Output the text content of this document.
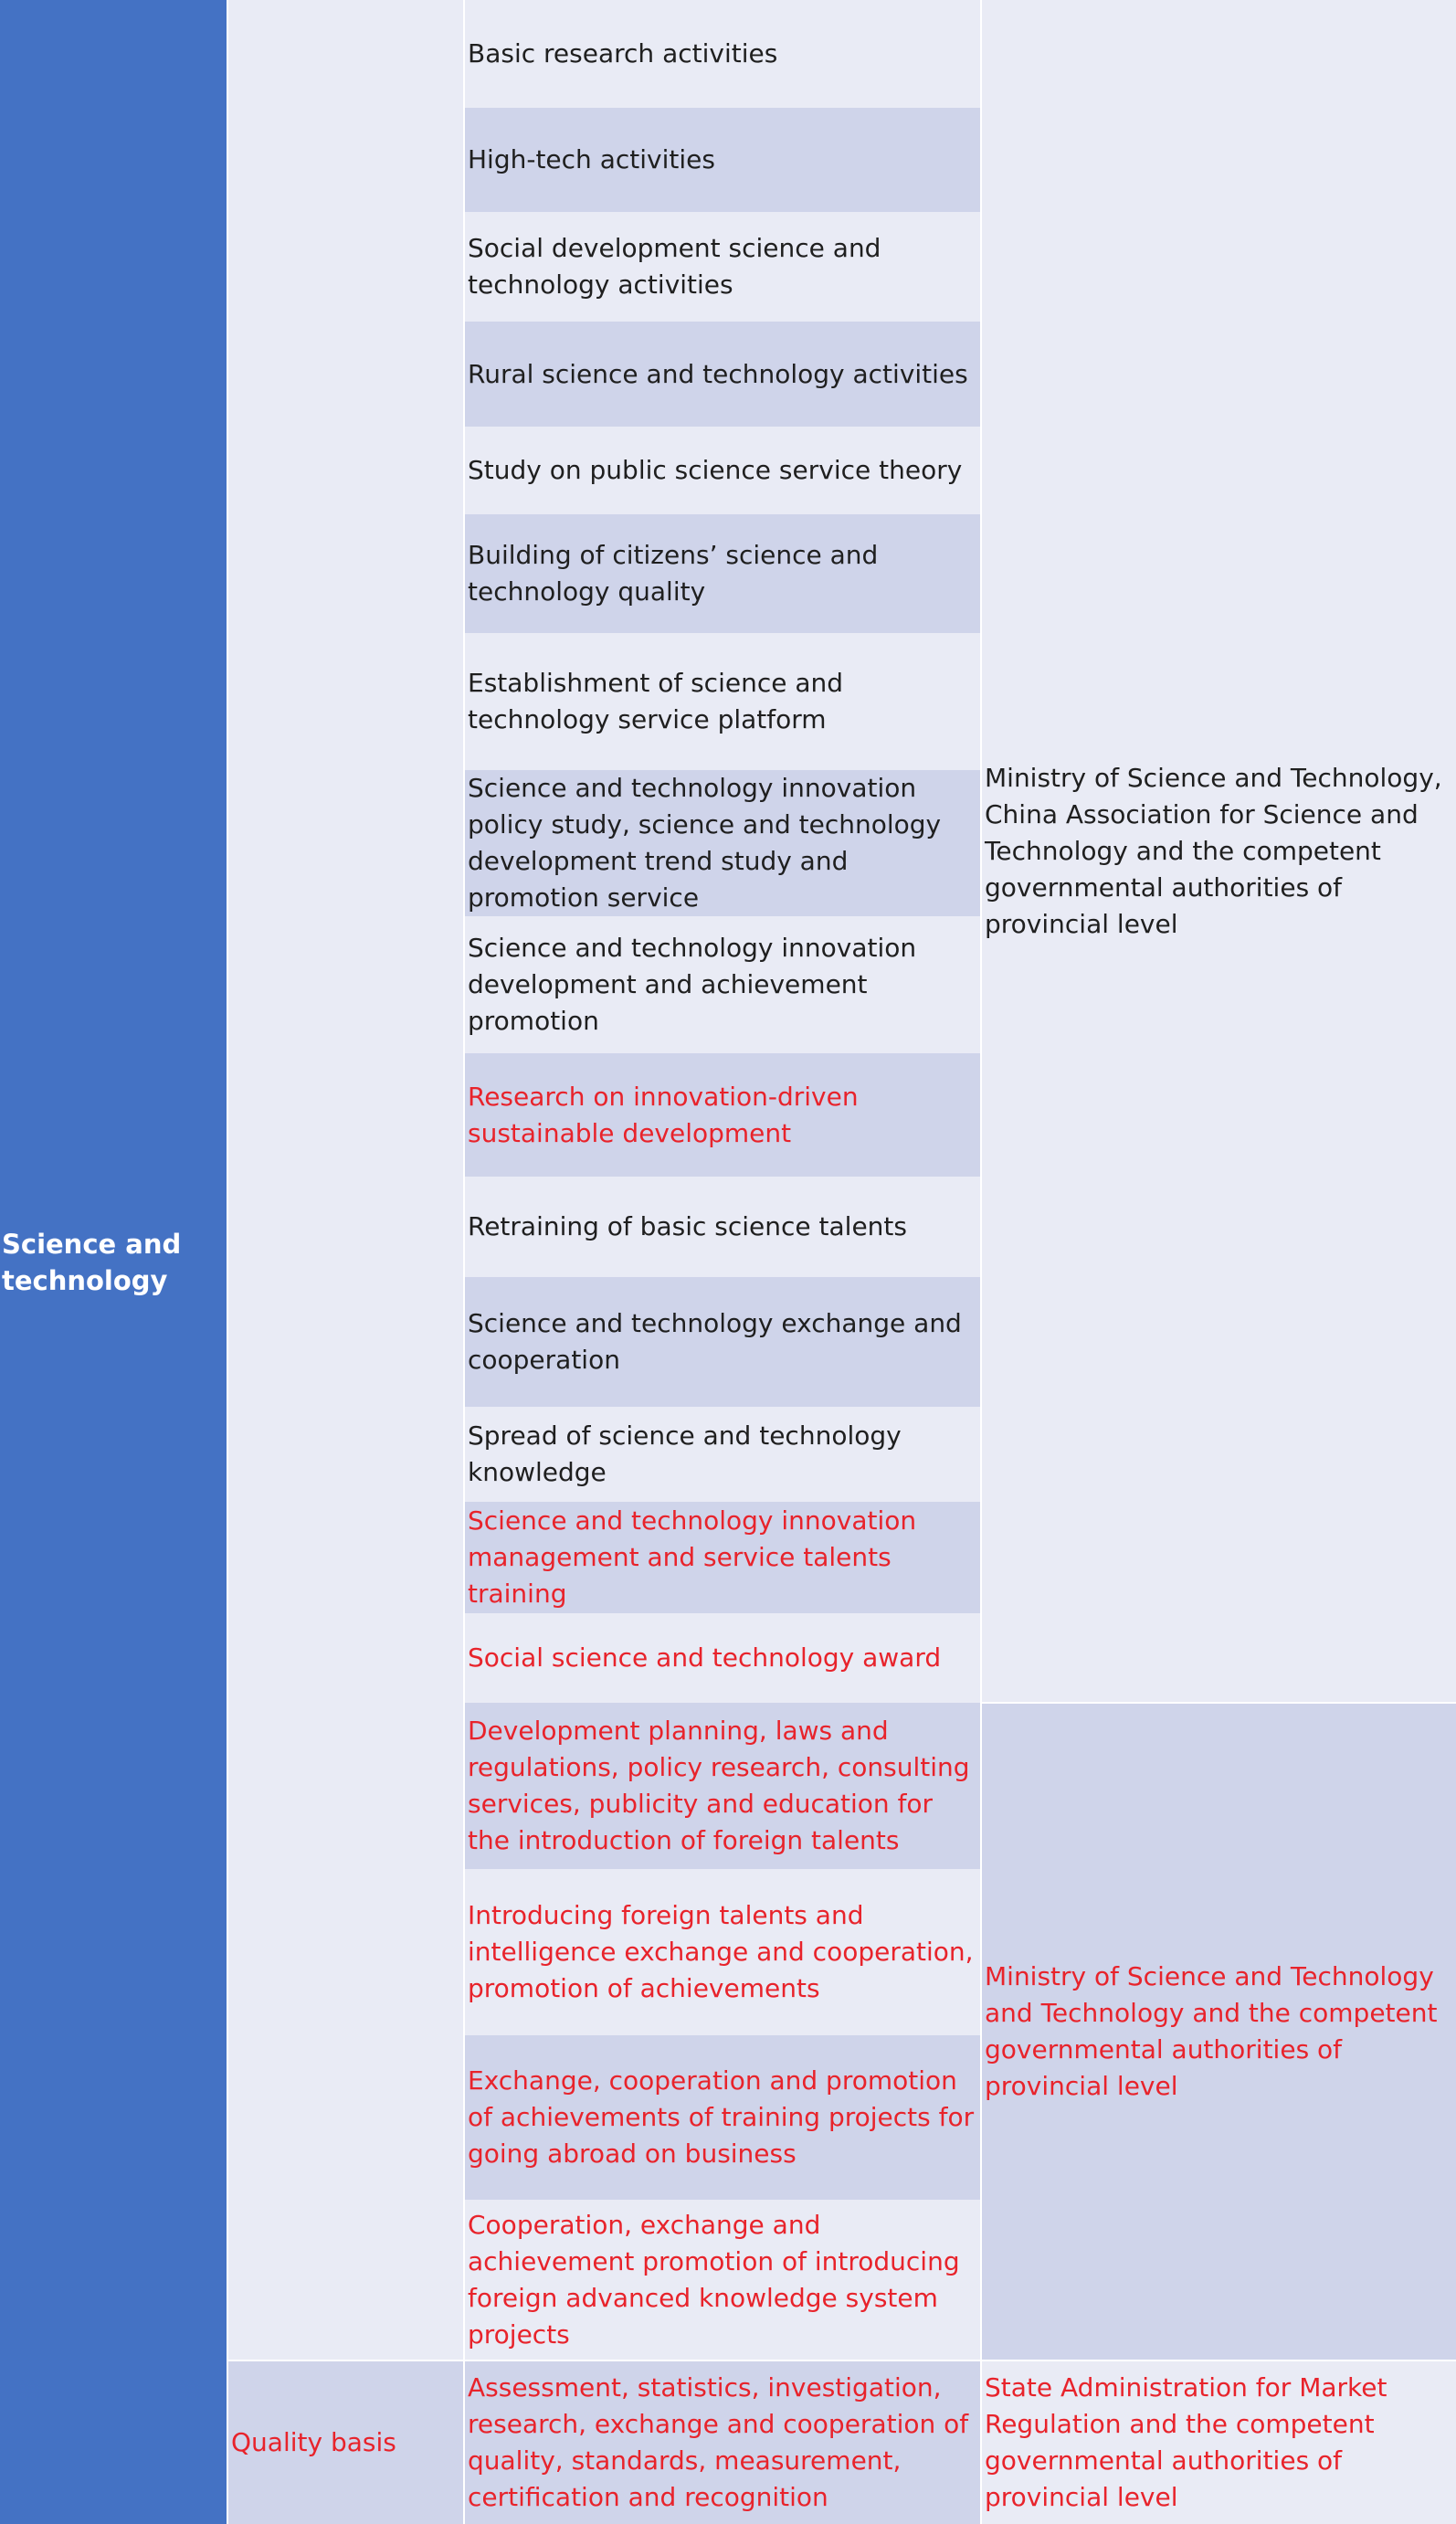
Science and technology
Quality basis
Basic research activities
High-tech activities
Social development science and technology activities
Rural science and technology activities
Study on public science service theory
Building of citizens’ science and technology quality
Establishment of science and technology service platform
Science and technology innovation policy study, science and technology development trend study and promotion service
Science and technology innovation development and achievement promotion
Research on innovation-driven sustainable development
Retraining of basic science talents
Science and technology exchange and cooperation
Spread of science and technology knowledge
Science and technology innovation management and service talents training
Social science and technology award
Development planning, laws and regulations, policy research, consulting services, publicity and education for the introduction of foreign talents
Introducing foreign talents and intelligence exchange and cooperation, promotion of achievements
Exchange, cooperation and promotion of achievements of training projects for going abroad on business
Cooperation, exchange and achievement promotion of introducing foreign advanced knowledge system projects
Assessment, statistics, investigation, research, exchange and cooperation of quality, standards, measurement, certification and recognition
Ministry of Science and Technology, China Association for Science and Technology and the competent governmental authorities of provincial level
Ministry of Science and Technology and Technology and the competent governmental authorities of provincial level
State Administration for Market Regulation and the competent governmental authorities of provincial level
